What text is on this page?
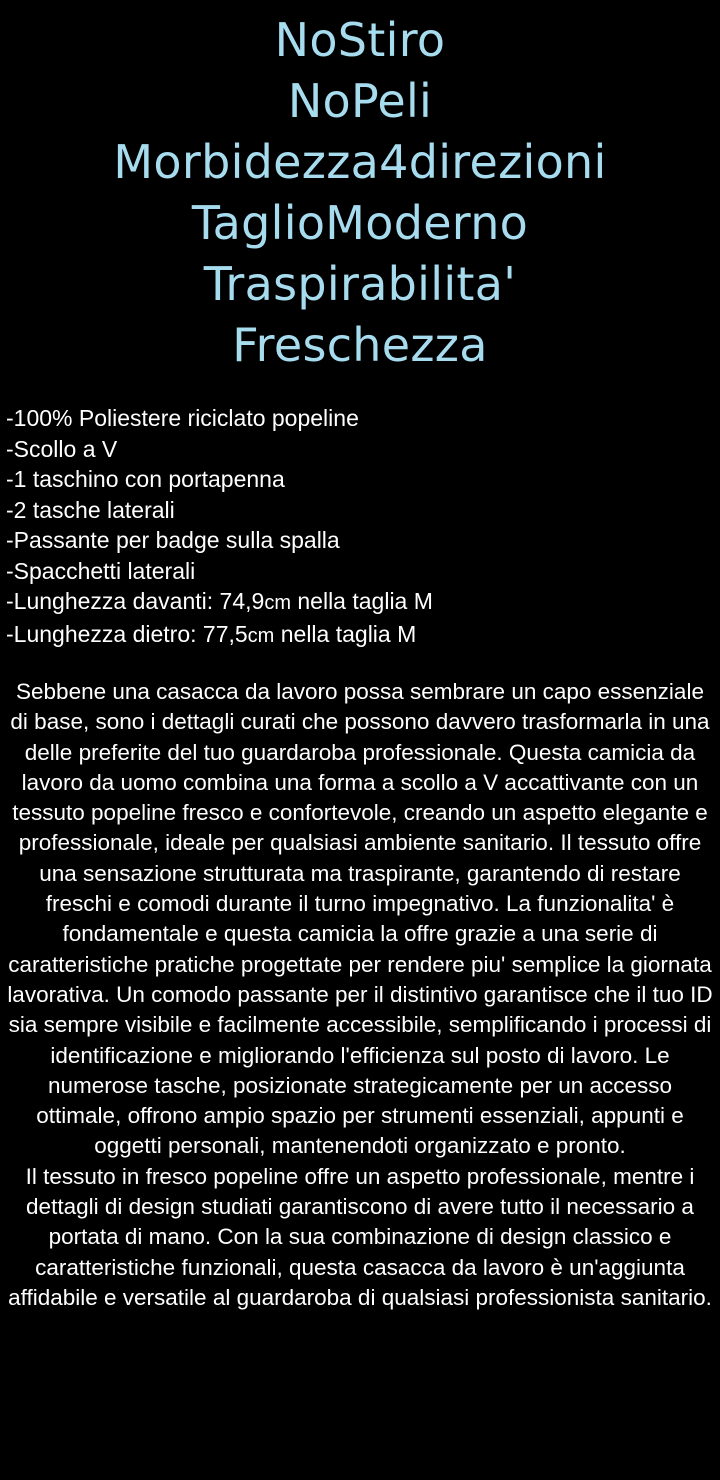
NoStiro
NoPeli
Morbidezza4direzioni
TaglioModerno
Traspirabilita'
Freschezza
-100% Poliestere riciclato popeline
-Scollo a V
-1 taschino con portapenna
-2 tasche laterali
-Passante per badge sulla spalla
-Spacchetti laterali
-Lunghezza davanti: 74,9cm nella taglia M
-Lunghezza dietro: 77,5cm nella taglia M

Sebbene una casacca da lavoro possa sembrare un capo essenziale di base, sono i dettagli curati che possono davvero trasformarla in una delle preferite del tuo guardaroba professionale. Questa camicia da lavoro da uomo combina una forma a scollo a V accattivante con un tessuto popeline fresco e confortevole, creando un aspetto elegante e professionale, ideale per qualsiasi ambiente sanitario. Il tessuto offre una sensazione strutturata ma traspirante, garantendo di restare freschi e comodi durante il turno impegnativo. La funzionalita' è fondamentale e questa camicia la offre grazie a una serie di caratteristiche pratiche progettate per rendere piu' semplice la giornata lavorativa. Un comodo passante per il distintivo garantisce che il tuo ID sia sempre visibile e facilmente accessibile, semplificando i processi di identificazione e migliorando l'efficienza sul posto di lavoro. Le numerose tasche, posizionate strategicamente per un accesso ottimale, offrono ampio spazio per strumenti essenziali, appunti e oggetti personali, mantenendoti organizzato e pronto.

Il tessuto in fresco popeline offre un aspetto professionale, mentre i dettagli di design studiati garantiscono di avere tutto il necessario a portata di mano. Con la sua combinazione di design classico e caratteristiche funzionali, questa casacca da lavoro è un'aggiunta affidabile e versatile al guardaroba di qualsiasi professionista sanitario.
